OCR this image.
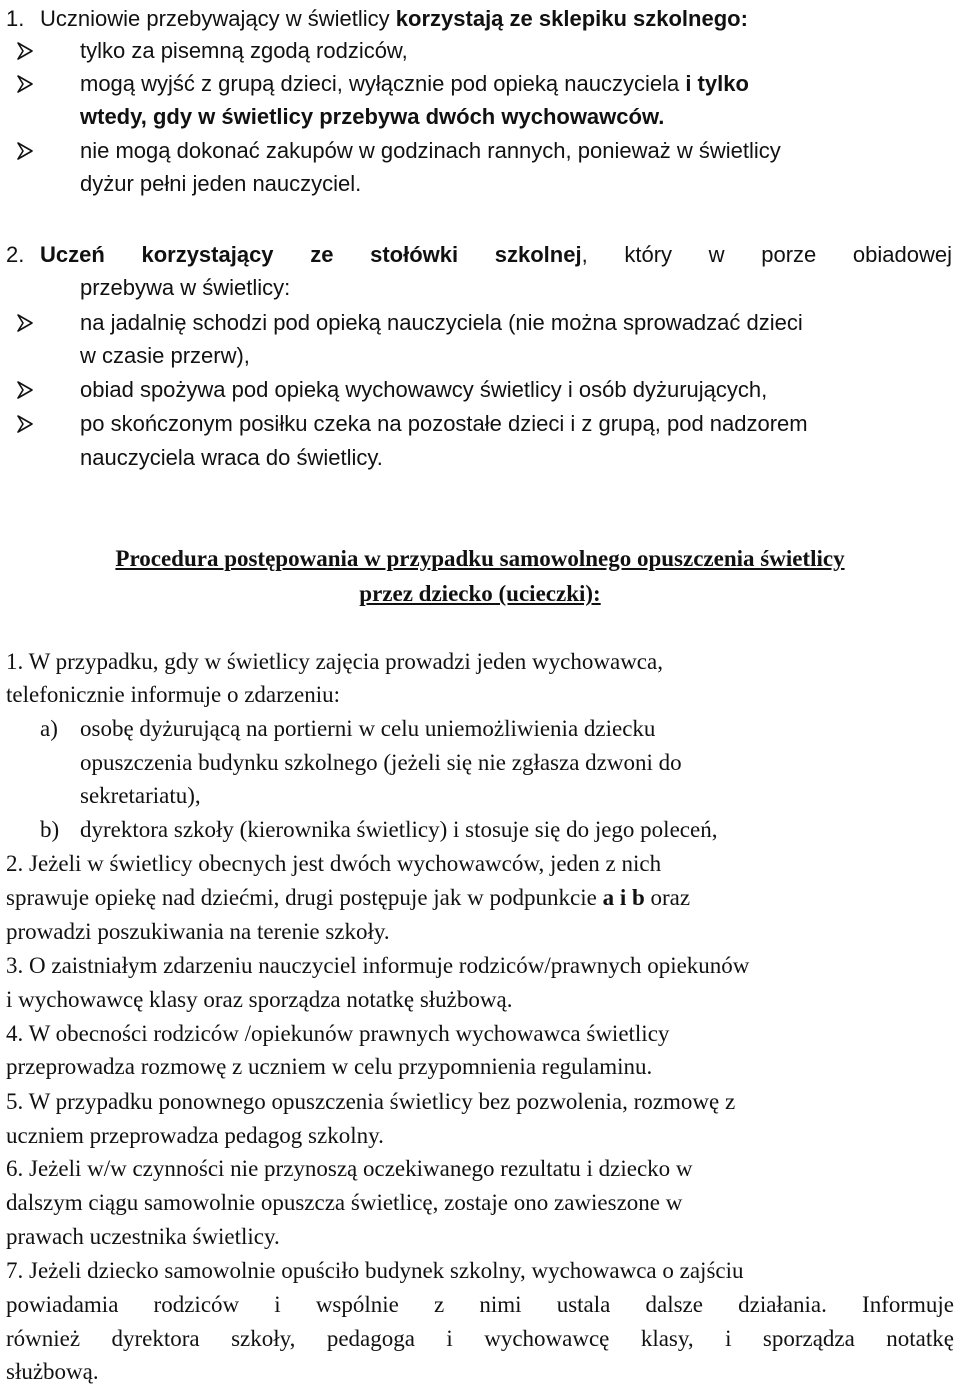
1. Uczniowie przebywający w świetlicy korzystają ze sklepiku szkolnego:
tylko za pisemną zgodą rodziców,
mogą wyjść z grupą dzieci, wyłącznie pod opieką nauczyciela i tylko
wtedy, gdy w świetlicy przebywa dwóch wychowawców.
nie mogą dokonać zakupów w godzinach rannych, ponieważ w świetlicy
dyżur pełni jeden nauczyciel.
2. Uczeń korzystający ze stołówki szkolnej, który w porze obiadowej
przebywa w świetlicy:
na jadalnię schodzi pod opieką nauczyciela (nie można sprowadzać dzieci
w czasie przerw),
obiad spożywa pod opieką wychowawcy świetlicy i osób dyżurujących,
po skończonym posiłku czeka na pozostałe dzieci i z grupą, pod nadzorem
nauczyciela wraca do świetlicy.
Procedura postępowania w przypadku samowolnego opuszczenia świetlicy
przez dziecko (ucieczki):
1. W przypadku, gdy w świetlicy zajęcia prowadzi jeden wychowawca,
telefonicznie informuje o zdarzeniu:
a) osobę dyżurującą na portierni w celu uniemożliwienia dziecku
opuszczenia budynku szkolnego (jeżeli się nie zgłasza dzwoni do
sekretariatu),
b) dyrektora szkoły (kierownika świetlicy) i stosuje się do jego poleceń,
2. Jeżeli w świetlicy obecnych jest dwóch wychowawców, jeden z nich
sprawuje opiekę nad dziećmi, drugi postępuje jak w podpunkcie a i b oraz
prowadzi poszukiwania na terenie szkoły.
3. O zaistniałym zdarzeniu nauczyciel informuje rodziców/prawnych opiekunów
i wychowawcę klasy oraz sporządza notatkę służbową.
4. W obecności rodziców /opiekunów prawnych wychowawca świetlicy
przeprowadza rozmowę z uczniem w celu przypomnienia regulaminu.
5. W przypadku ponownego opuszczenia świetlicy bez pozwolenia, rozmowę z
uczniem przeprowadza pedagog szkolny.
6. Jeżeli w/w czynności nie przynoszą oczekiwanego rezultatu i dziecko w
dalszym ciągu samowolnie opuszcza świetlicę, zostaje ono zawieszone w
prawach uczestnika świetlicy.
7. Jeżeli dziecko samowolnie opuściło budynek szkolny, wychowawca o zajściu
powiadamia rodziców i wspólnie z nimi ustala dalsze działania. Informuje
również dyrektora szkoły, pedagoga i wychowawcę klasy, i sporządza notatkę
służbową.
